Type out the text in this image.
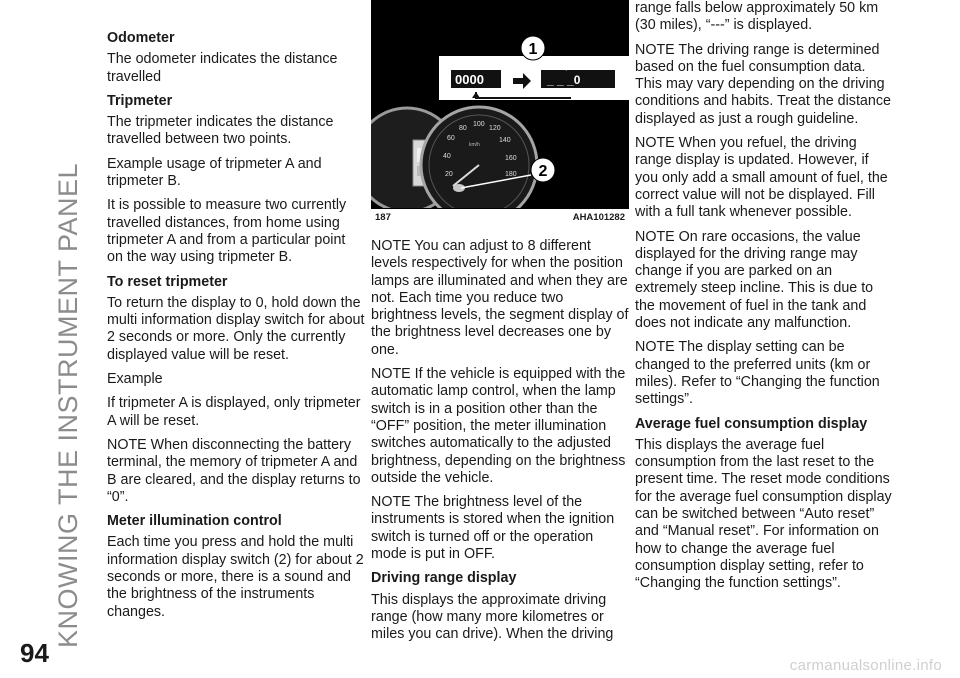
KNOWING THE INSTRUMENT PANEL
94	carmanualsonline.info
Odometer

The odometer indicates the distance travelled

Tripmeter

The tripmeter indicates the distance travelled between two points.

Example usage of tripmeter A and tripmeter B.

It is possible to measure two currently travelled distances, from home using tripmeter A and from a particular point on the way using tripmeter B.

To reset tripmeter

To return the display to 0, hold down the multi information display switch for about 2 seconds or more. Only the currently displayed value will be reset.

Example

If tripmeter A is displayed, only tripmeter A will be reset.

NOTE When disconnecting the battery terminal, the memory of tripmeter A and B are cleared, and the display returns to “0”.

Meter illumination control

Each time you press and hold the multi information display switch (2) for about 2 seconds or more, there is a sound and the brightness of the instruments changes.

0000	_ _ _0
1
60
80
100
120
140
160
180
40
20
km/h
2
187	AHA101282

NOTE You can adjust to 8 different levels respectively for when the position lamps are illuminated and when they are not. Each time you reduce two brightness levels, the segment display of the brightness level decreases one by one.

NOTE If the vehicle is equipped with the automatic lamp control, when the lamp switch is in a position other than the “OFF” position, the meter illumination switches automatically to the adjusted brightness, depending on the brightness outside the vehicle.

NOTE The brightness level of the instruments is stored when the ignition switch is turned off or the operation mode is put in OFF.

Driving range display

This displays the approximate driving range (how many more kilometres or miles you can drive). When the driving

range falls below approximately 50 km (30 miles), “---” is displayed.

NOTE The driving range is determined based on the fuel consumption data. This may vary depending on the driving conditions and habits. Treat the distance displayed as just a rough guideline.

NOTE When you refuel, the driving range display is updated. However, if you only add a small amount of fuel, the correct value will not be displayed. Fill with a full tank whenever possible.

NOTE On rare occasions, the value displayed for the driving range may change if you are parked on an extremely steep incline. This is due to the movement of fuel in the tank and does not indicate any malfunction.

NOTE The display setting can be changed to the preferred units (km or miles). Refer to “Changing the function settings”.

Average fuel consumption display

This displays the average fuel consumption from the last reset to the present time. The reset mode conditions for the average fuel consumption display can be switched between “Auto reset” and “Manual reset”. For information on how to change the average fuel consumption display setting, refer to “Changing the function settings”.
